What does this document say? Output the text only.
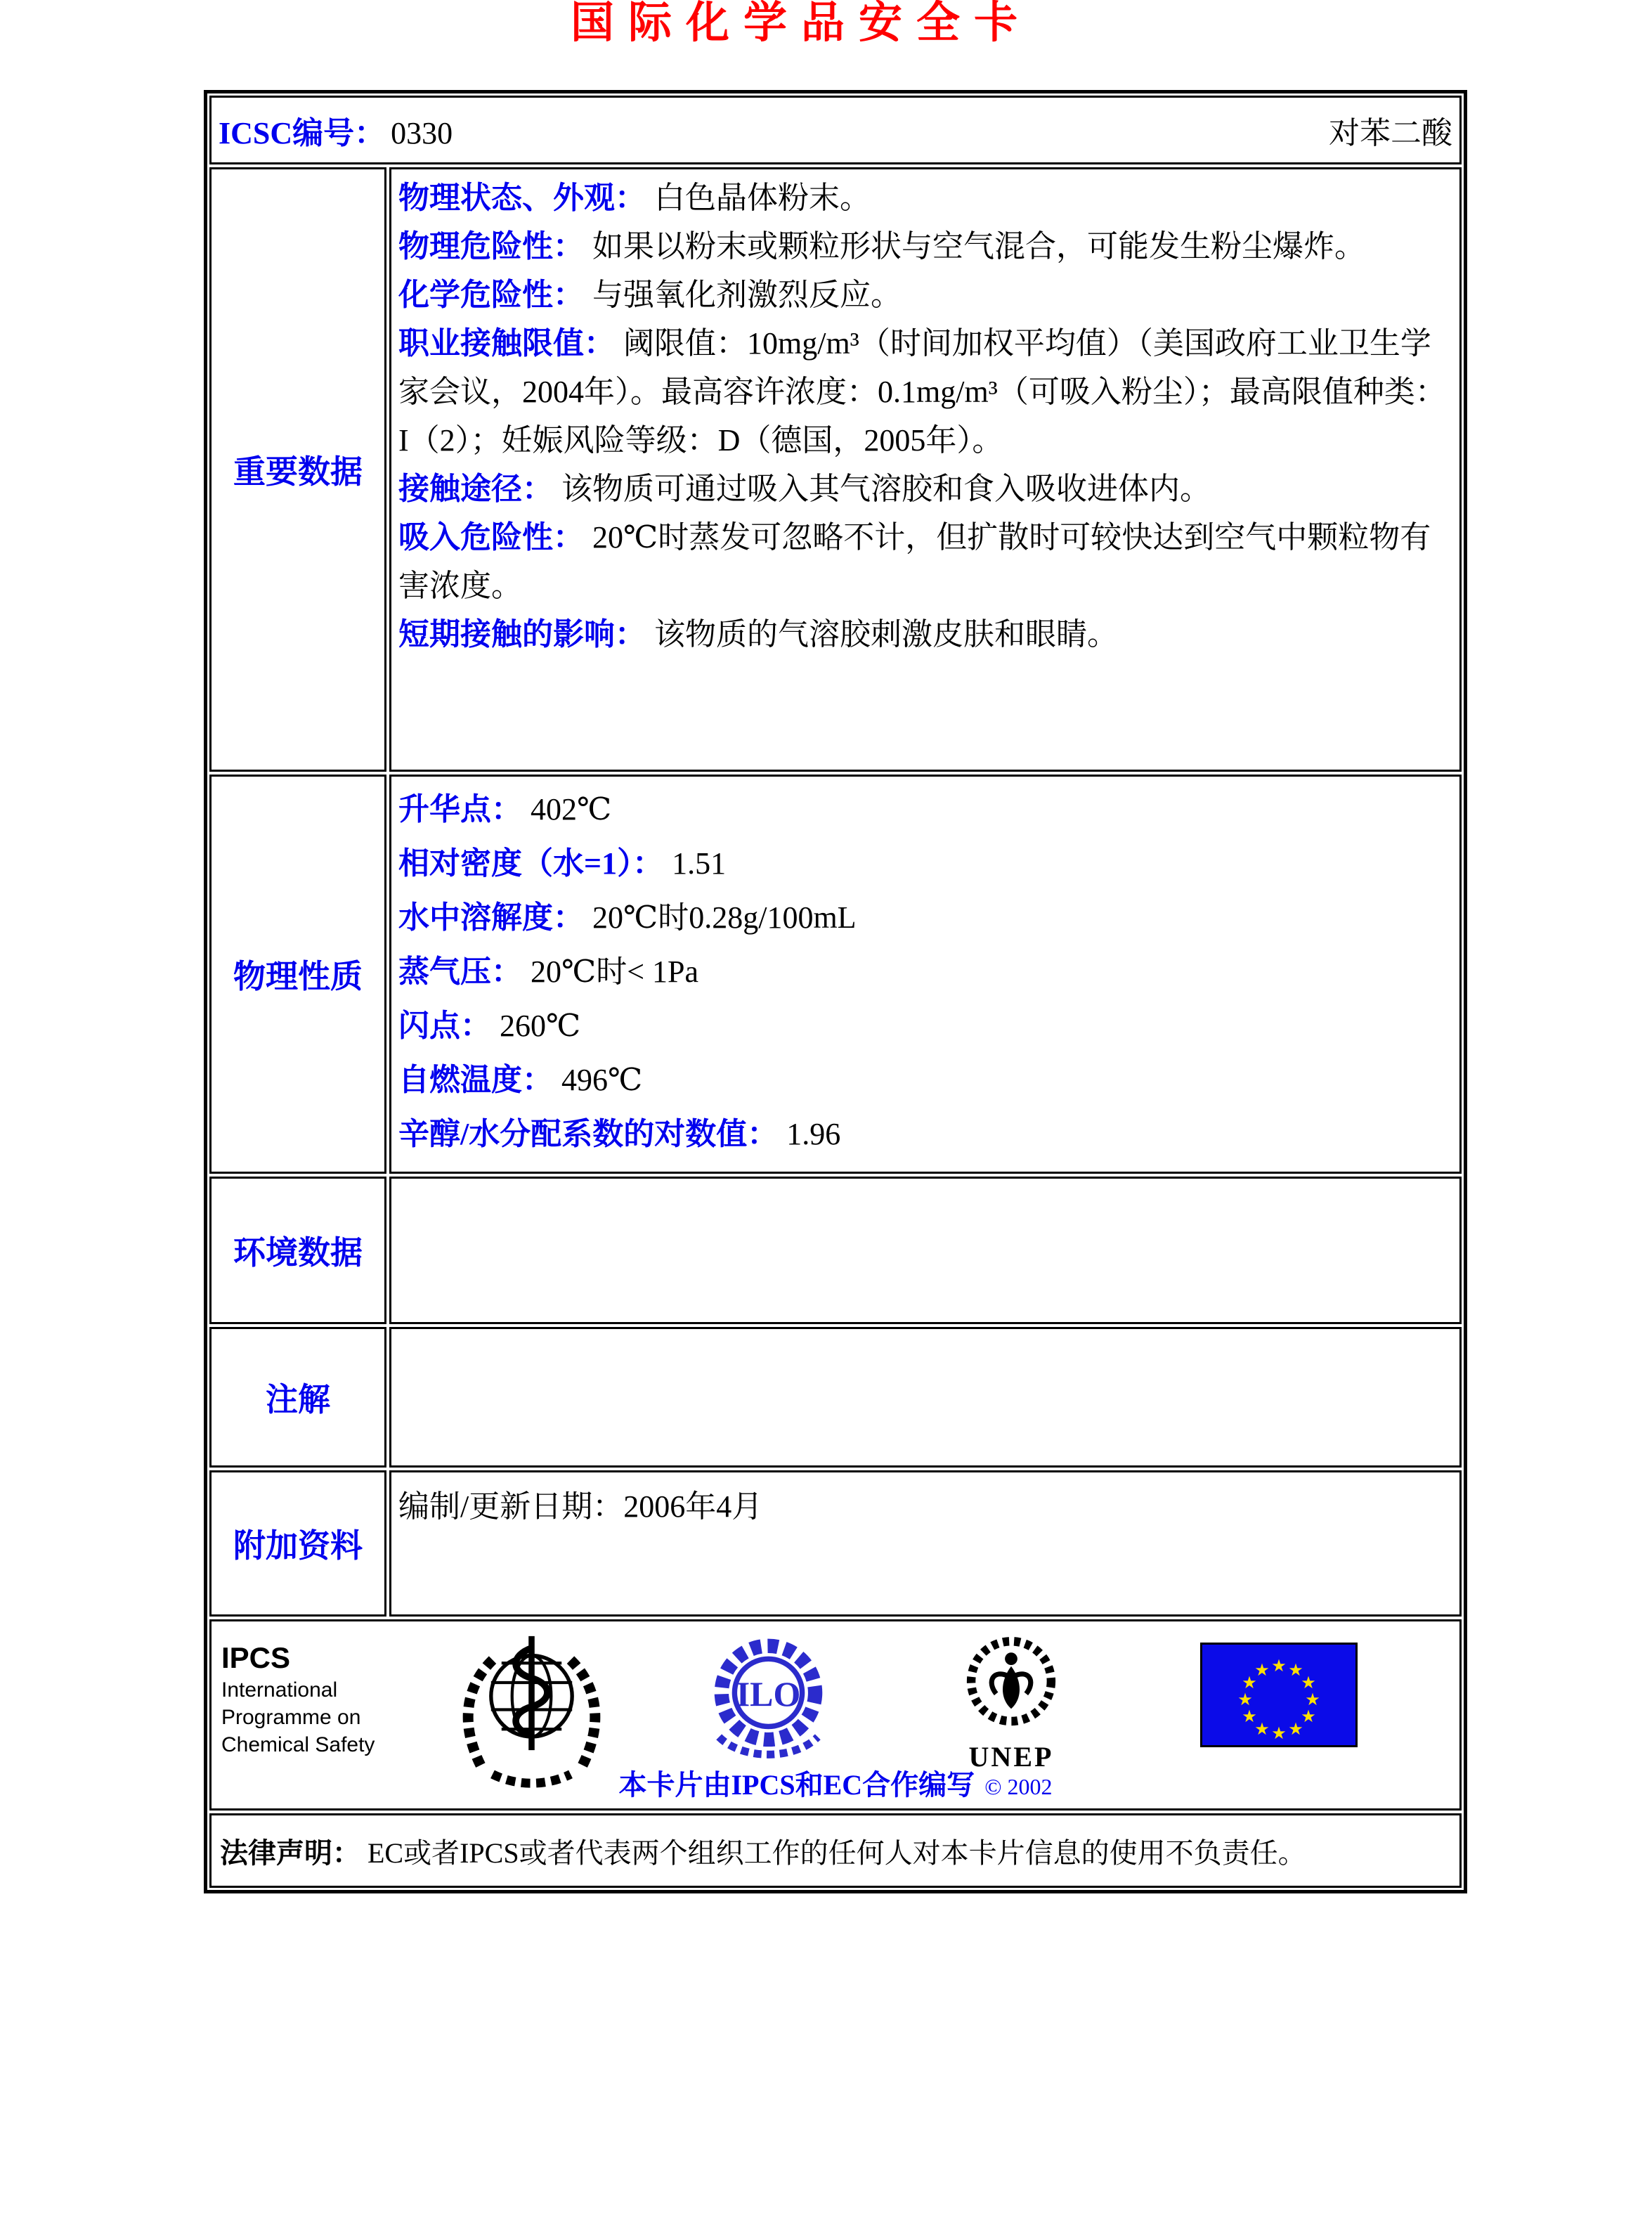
国际化学品安全卡
ICSC编号： 0330	对苯二酸
重要数据

物理状态、外观： 白色晶体粉末。

物理危险性： 如果以粉末或颗粒形状与空气混合，可能发生粉尘爆炸。

化学危险性： 与强氧化剂激烈反应。

职业接触限值： 阈限值：10mg/m³（时间加权平均值）（美国政府工业卫生学家会议，2004年）。最高容许浓度：0.1mg/m³（可吸入粉尘）；最高限值种类：I（2）；妊娠风险等级：D（德国，2005年）。

接触途径： 该物质可通过吸入其气溶胶和食入吸收进体内。

吸入危险性： 20℃时蒸发可忽略不计，但扩散时可较快达到空气中颗粒物有害浓度。

短期接触的影响： 该物质的气溶胶刺激皮肤和眼睛。

物理性质

升华点： 402℃

相对密度（水=1）： 1.51

水中溶解度： 20℃时0.28g/100mL

蒸气压： 20℃时< 1Pa

闪点： 260℃

自燃温度： 496℃

辛醇/水分配系数的对数值： 1.96

环境数据
注解
附加资料
编制/更新日期：2006年4月
IPCS
International
Programme on
Chemical Safety
ILO
UNEP
★ ★
★
★
★
★
★
★
★
★
★
★
本卡片由IPCS和EC合作编写 © 2002
法律声明： EC或者IPCS或者代表两个组织工作的任何人对本卡片信息的使用不负责任。
